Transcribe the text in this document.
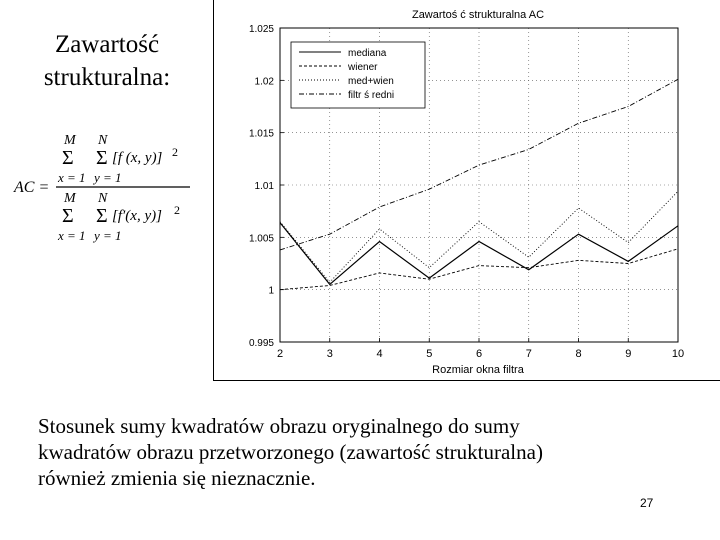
Zawartość
strukturalna:
AC =
M N
Σ Σ [f (x, y)] 2
x = 1 y = 1
M N
Σ Σ [f′(x, y)] 2
x = 1 y = 1
Zawartoś ć strukturalna AC
0.995
1
1.005
1.01
1.015
1.02
1.025
2	3	4	5	6	7	8	9	10
mediana
wiener
med+wien
filtr ś redni
Rozmiar okna filtra
Stosunek sumy kwadratów obrazu oryginalnego do sumy
kwadratów obrazu przetworzonego (zawartość strukturalna)
również zmienia się nieznacznie.
27
